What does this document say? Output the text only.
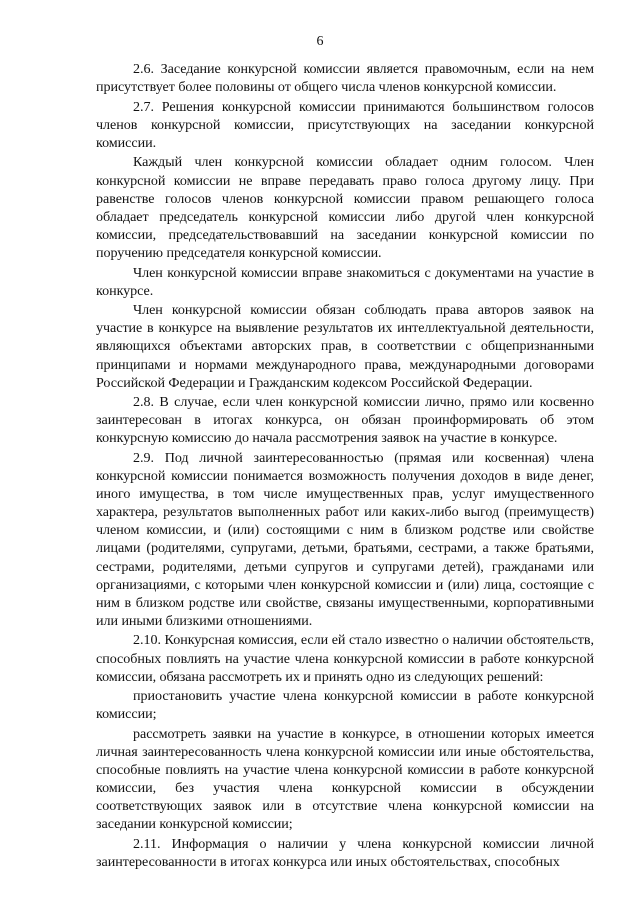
6

2.6. Заседание конкурсной комиссии является правомочным, если на нем присутствует более половины от общего числа членов конкурсной комиссии.

2.7. Решения конкурсной комиссии принимаются большинством голосов членов конкурсной комиссии, присутствующих на заседании конкурсной комиссии.

Каждый член конкурсной комиссии обладает одним голосом. Член конкурсной комиссии не вправе передавать право голоса другому лицу. При равенстве голосов членов конкурсной комиссии правом решающего голоса обладает председатель конкурсной комиссии либо другой член конкурсной комиссии, председательствовавший на заседании конкурсной комиссии по поручению председателя конкурсной комиссии.

Член конкурсной комиссии вправе знакомиться с документами на участие в конкурсе.

Член конкурсной комиссии обязан соблюдать права авторов заявок на участие в конкурсе на выявление результатов их интеллектуальной деятельности, являющихся объектами авторских прав, в соответствии с общепризнанными принципами и нормами международного права, международными договорами Российской Федерации и Гражданским кодексом Российской Федерации.

2.8. В случае, если член конкурсной комиссии лично, прямо или косвенно заинтересован в итогах конкурса, он обязан проинформировать об этом конкурсную комиссию до начала рассмотрения заявок на участие в конкурсе.

2.9. Под личной заинтересованностью (прямая или косвенная) члена конкурсной комиссии понимается возможность получения доходов в виде денег, иного имущества, в том числе имущественных прав, услуг имущественного характера, результатов выполненных работ или каких-либо выгод (преимуществ) членом комиссии, и (или) состоящими с ним в близком родстве или свойстве лицами (родителями, супругами, детьми, братьями, сестрами, а также братьями, сестрами, родителями, детьми супругов и супругами детей), гражданами или организациями, с которыми член конкурсной комиссии и (или) лица, состоящие с ним в близком родстве или свойстве, связаны имущественными, корпоративными или иными близкими отношениями.

2.10. Конкурсная комиссия, если ей стало известно о наличии обстоятельств, способных повлиять на участие члена конкурсной комиссии в работе конкурсной комиссии, обязана рассмотреть их и принять одно из следующих решений:

приостановить участие члена конкурсной комиссии в работе конкурсной комиссии;

рассмотреть заявки на участие в конкурсе, в отношении которых имеется личная заинтересованность члена конкурсной комиссии или иные обстоятельства, способные повлиять на участие члена конкурсной комиссии в работе конкурсной комиссии, без участия члена конкурсной комиссии в обсуждении соответствующих заявок или в отсутствие члена конкурсной комиссии на заседании конкурсной комиссии;

2.11. Информация о наличии у члена конкурсной комиссии личной заинтересованности в итогах конкурса или иных обстоятельствах, способных
